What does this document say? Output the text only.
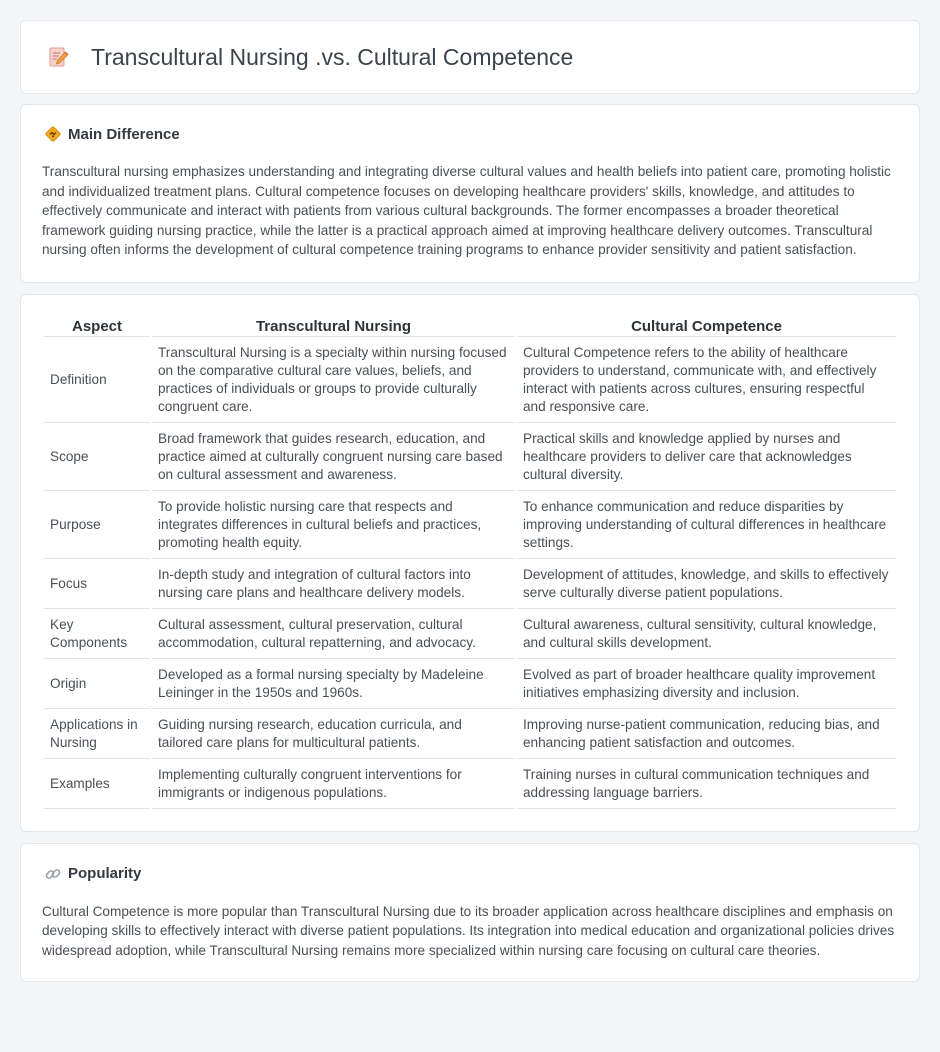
Transcultural Nursing .vs. Cultural Competence
Main Difference

Transcultural nursing emphasizes understanding and integrating diverse cultural values and health beliefs into patient care, promoting holistic and individualized treatment plans. Cultural competence focuses on developing healthcare providers' skills, knowledge, and attitudes to effectively communicate and interact with patients from various cultural backgrounds. The former encompasses a broader theoretical framework guiding nursing practice, while the latter is a practical approach aimed at improving healthcare delivery outcomes. Transcultural nursing often informs the development of cultural competence training programs to enhance provider sensitivity and patient satisfaction.

Aspect	Transcultural Nursing	Cultural Competence
Definition	Transcultural Nursing is a specialty within nursing focused on the comparative cultural care values, beliefs, and practices of individuals or groups to provide culturally congruent care.	Cultural Competence refers to the ability of healthcare providers to understand, communicate with, and effectively interact with patients across cultures, ensuring respectful and responsive care.
Scope	Broad framework that guides research, education, and practice aimed at culturally congruent nursing care based on cultural assessment and awareness.	Practical skills and knowledge applied by nurses and healthcare providers to deliver care that acknowledges cultural diversity.
Purpose	To provide holistic nursing care that respects and integrates differences in cultural beliefs and practices, promoting health equity.	To enhance communication and reduce disparities by improving understanding of cultural differences in healthcare settings.
Focus	In-depth study and integration of cultural factors into nursing care plans and healthcare delivery models.	Development of attitudes, knowledge, and skills to effectively serve culturally diverse patient populations.
Key Components	Cultural assessment, cultural preservation, cultural accommodation, cultural repatterning, and advocacy.	Cultural awareness, cultural sensitivity, cultural knowledge, and cultural skills development.
Origin	Developed as a formal nursing specialty by Madeleine Leininger in the 1950s and 1960s.	Evolved as part of broader healthcare quality improvement initiatives emphasizing diversity and inclusion.
Applications in Nursing	Guiding nursing research, education curricula, and tailored care plans for multicultural patients.	Improving nurse-patient communication, reducing bias, and enhancing patient satisfaction and outcomes.
Examples	Implementing culturally congruent interventions for immigrants or indigenous populations.	Training nurses in cultural communication techniques and addressing language barriers.
Popularity

Cultural Competence is more popular than Transcultural Nursing due to its broader application across healthcare disciplines and emphasis on developing skills to effectively interact with diverse patient populations. Its integration into medical education and organizational policies drives widespread adoption, while Transcultural Nursing remains more specialized within nursing care focusing on cultural care theories.
